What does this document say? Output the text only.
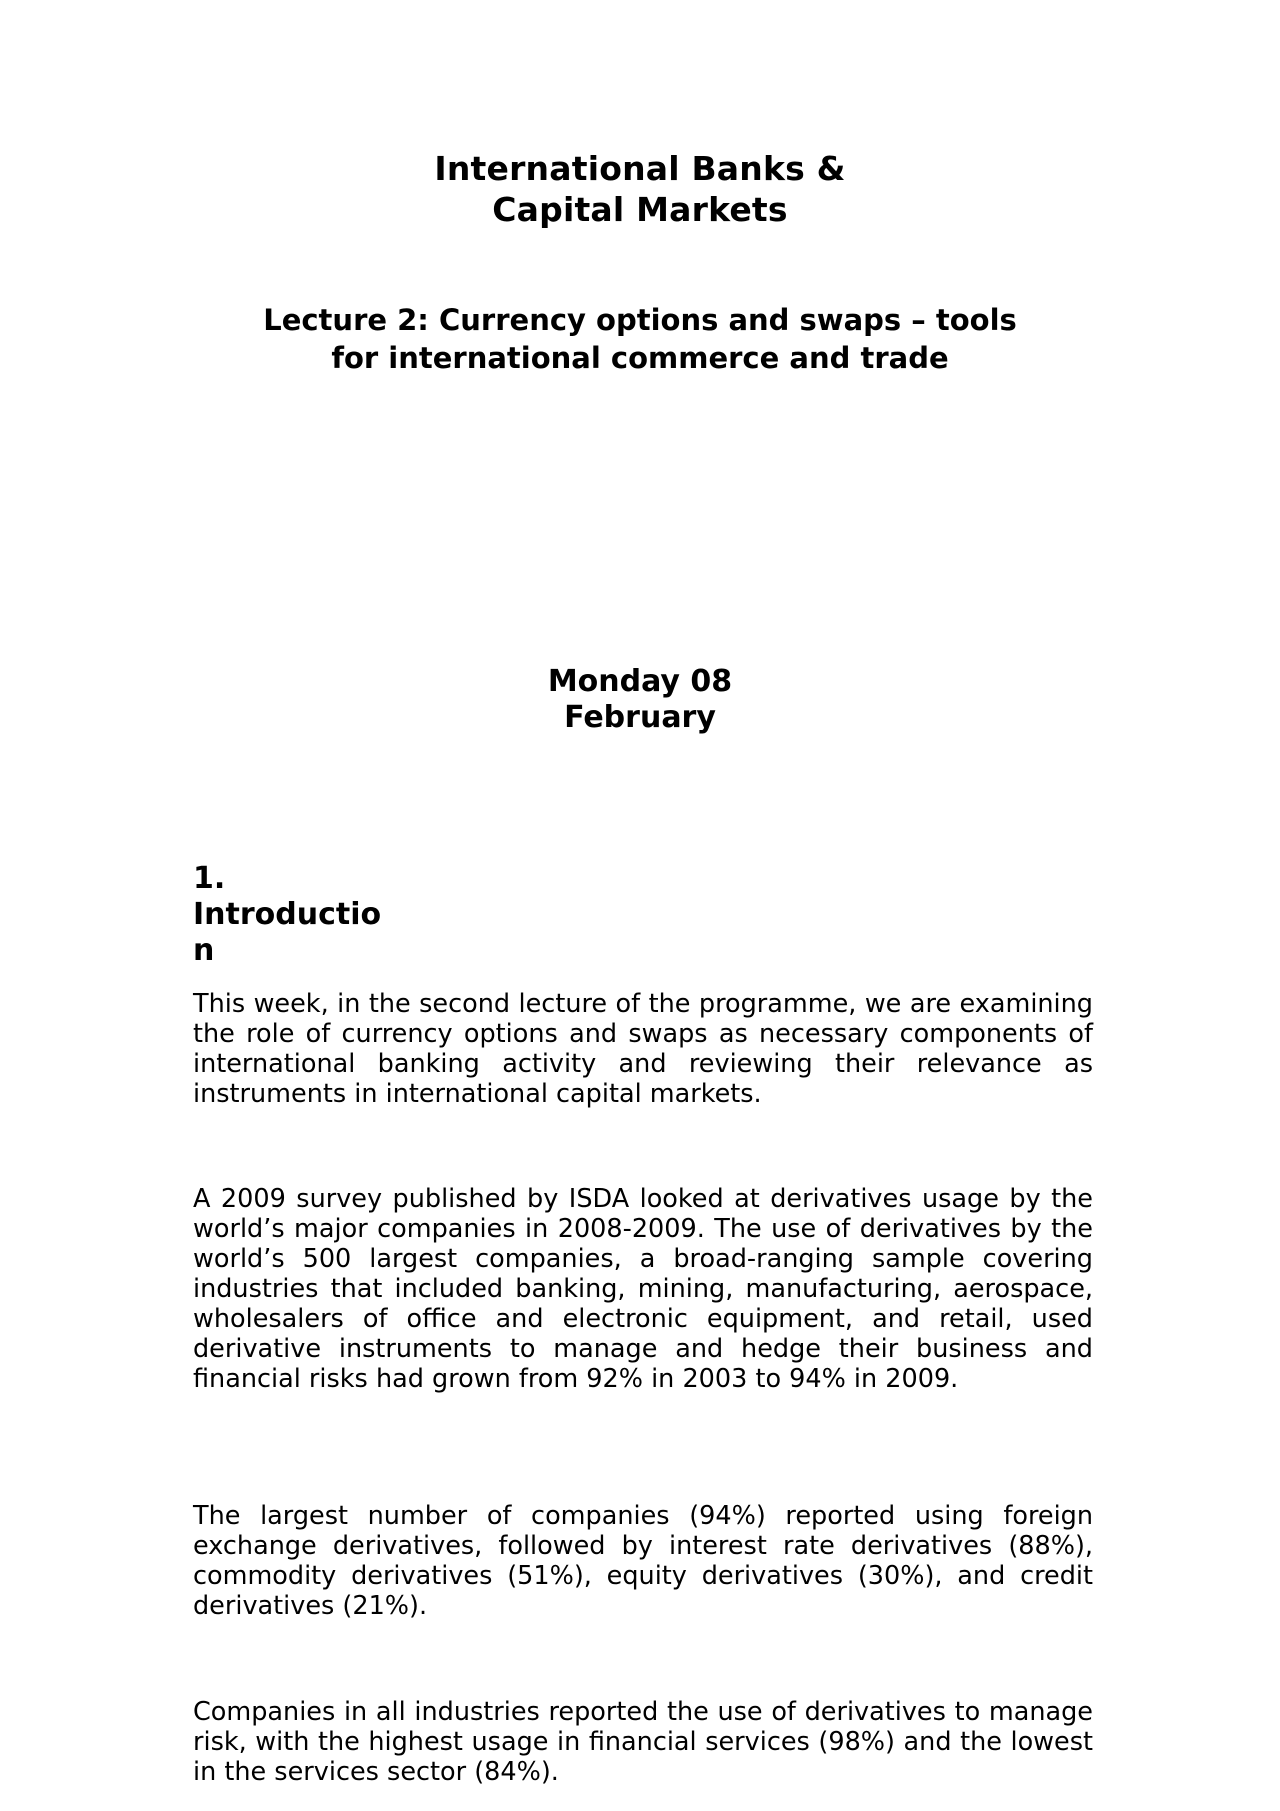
International Banks &
Capital Markets
Lecture 2: Currency options and swaps – tools
for international commerce and trade
Monday 08
February
1.
Introductio
n

This week, in the second lecture of the programme, we are examining the role of currency options and swaps as necessary components of international banking activity and reviewing their relevance as instruments in international capital markets.

A 2009 survey published by ISDA looked at derivatives usage by the world’s major companies in 2008-2009. The use of derivatives by the world’s 500 largest companies, a broad-ranging sample covering industries that included banking, mining, manufacturing, aerospace, wholesalers of office and electronic equipment, and retail, used derivative instruments to manage and hedge their business and financial risks had grown from 92% in 2003 to 94% in 2009.

The largest number of companies (94%) reported using foreign exchange derivatives, followed by interest rate derivatives (88%), commodity derivatives (51%), equity derivatives (30%), and credit derivatives (21%).

Companies in all industries reported the use of derivatives to manage risk, with the highest usage in financial services (98%) and the lowest in the services sector (84%).
